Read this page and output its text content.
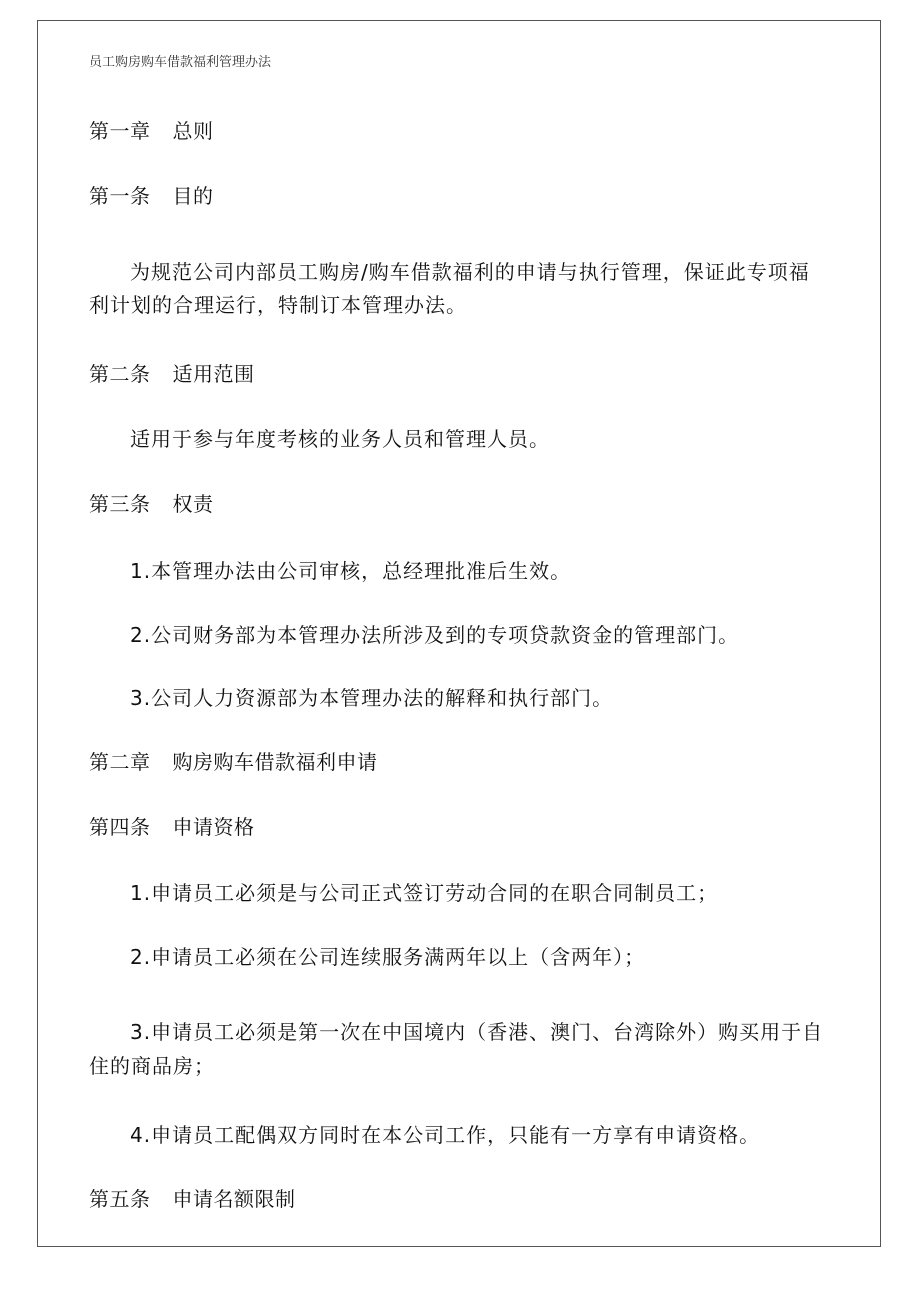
员工购房购车借款福利管理办法
第一章 总则
第一条 目的
为规范公司内部员工购房/购车借款福利的申请与执行管理，保证此专项福
利计划的合理运行，特制订本管理办法。
第二条 适用范围
适用于参与年度考核的业务人员和管理人员。
第三条 权责
1.本管理办法由公司审核，总经理批准后生效。
2.公司财务部为本管理办法所涉及到的专项贷款资金的管理部门。
3.公司人力资源部为本管理办法的解释和执行部门。
第二章 购房购车借款福利申请
第四条 申请资格
1.申请员工必须是与公司正式签订劳动合同的在职合同制员工；
2.申请员工必须在公司连续服务满两年以上（含两年）；
3.申请员工必须是第一次在中国境内（香港、澳门、台湾除外）购买用于自
住的商品房；
4.申请员工配偶双方同时在本公司工作，只能有一方享有申请资格。
第五条 申请名额限制
